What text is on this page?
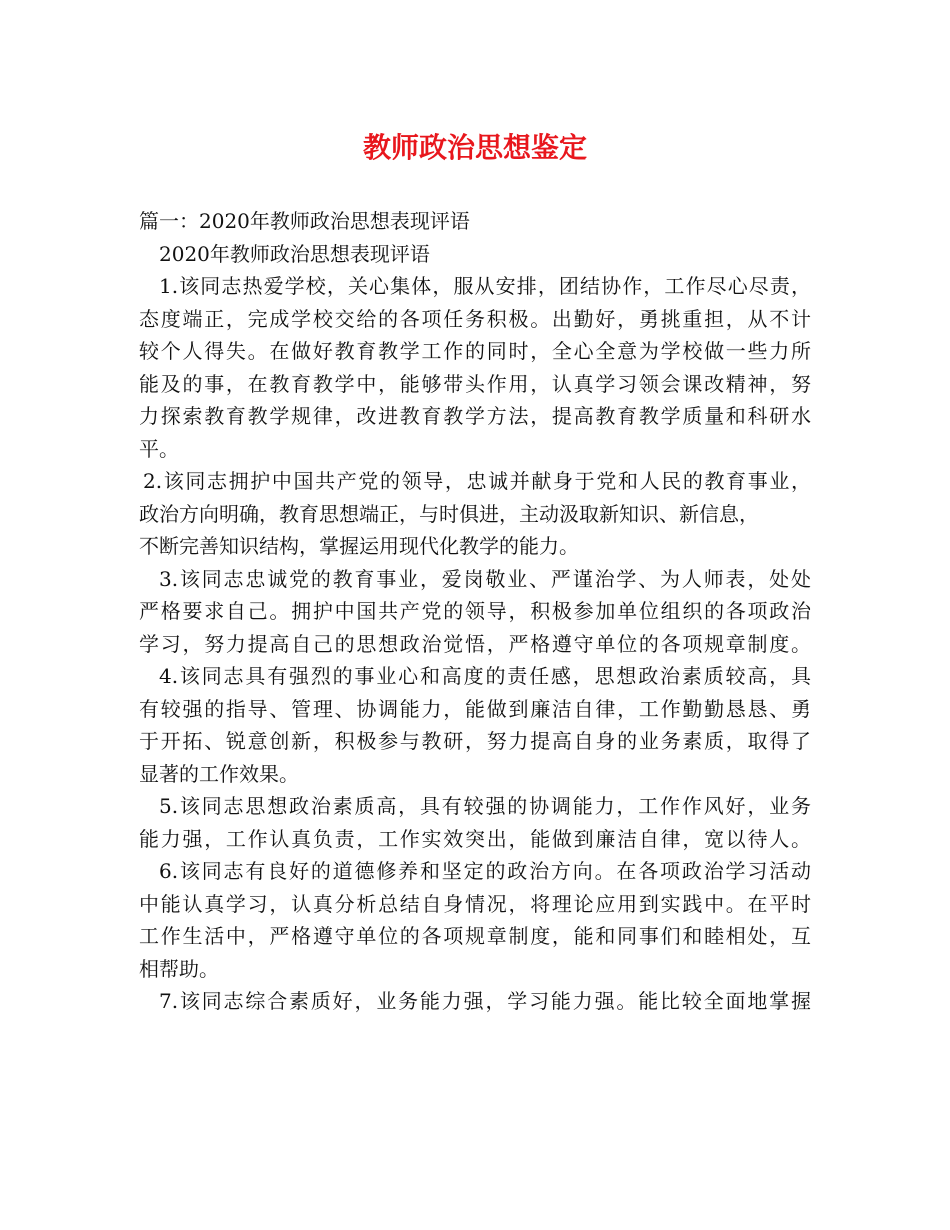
教师政治思想鉴定
篇一：2020年教师政治思想表现评语
2020年教师政治思想表现评语
1.该同志热爱学校，关心集体，服从安排，团结协作，工作尽心尽责，
态度端正，完成学校交给的各项任务积极。出勤好，勇挑重担，从不计
较个人得失。在做好教育教学工作的同时，全心全意为学校做一些力所
能及的事，在教育教学中，能够带头作用，认真学习领会课改精神，努
力探索教育教学规律，改进教育教学方法，提高教育教学质量和科研水
平。
2.该同志拥护中国共产党的领导，忠诚并献身于党和人民的教育事业，
政治方向明确，教育思想端正，与时俱进，主动汲取新知识、新信息，
不断完善知识结构，掌握运用现代化教学的能力。
3.该同志忠诚党的教育事业，爱岗敬业、严谨治学、为人师表，处处
严格要求自己。拥护中国共产党的领导，积极参加单位组织的各项政治
学习，努力提高自己的思想政治觉悟，严格遵守单位的各项规章制度。
4.该同志具有强烈的事业心和高度的责任感，思想政治素质较高，具
有较强的指导、管理、协调能力，能做到廉洁自律，工作勤勤恳恳、勇
于开拓、锐意创新，积极参与教研，努力提高自身的业务素质，取得了
显著的工作效果。
5.该同志思想政治素质高，具有较强的协调能力，工作作风好，业务
能力强，工作认真负责，工作实效突出，能做到廉洁自律，宽以待人。
6.该同志有良好的道德修养和坚定的政治方向。在各项政治学习活动
中能认真学习，认真分析总结自身情况，将理论应用到实践中。在平时
工作生活中，严格遵守单位的各项规章制度，能和同事们和睦相处，互
相帮助。
7.该同志综合素质好，业务能力强，学习能力强。能比较全面地掌握
